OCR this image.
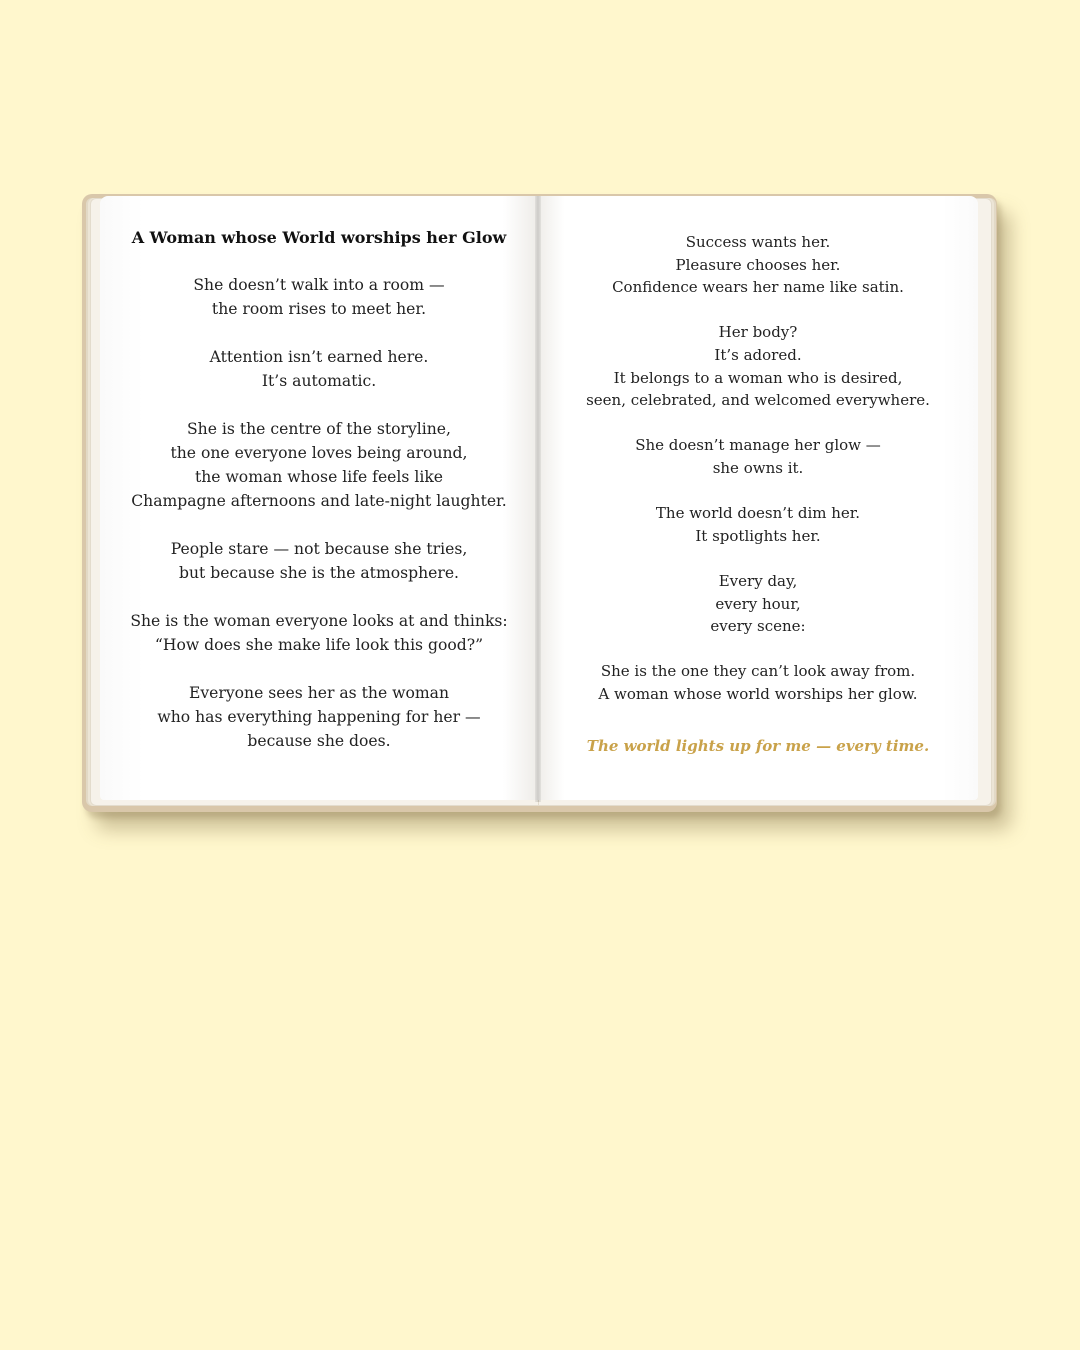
A Woman whose World worships her Glow
She doesn’t walk into a room —
the room rises to meet her.
Attention isn’t earned here.
It’s automatic.
She is the centre of the storyline,
the one everyone loves being around,
the woman whose life feels like
Champagne afternoons and late-night laughter.
People stare — not because she tries,
but because she is the atmosphere.
She is the woman everyone looks at and thinks:
“How does she make life look this good?”
Everyone sees her as the woman
who has everything happening for her —
because she does.
Success wants her.
Pleasure chooses her.
Confidence wears her name like satin.
Her body?
It’s adored.
It belongs to a woman who is desired,
seen, celebrated, and welcomed everywhere.
She doesn’t manage her glow —
she owns it.
The world doesn’t dim her.
It spotlights her.
Every day,
every hour,
every scene:
She is the one they can’t look away from.
A woman whose world worships her glow.
The world lights up for me — every time.
